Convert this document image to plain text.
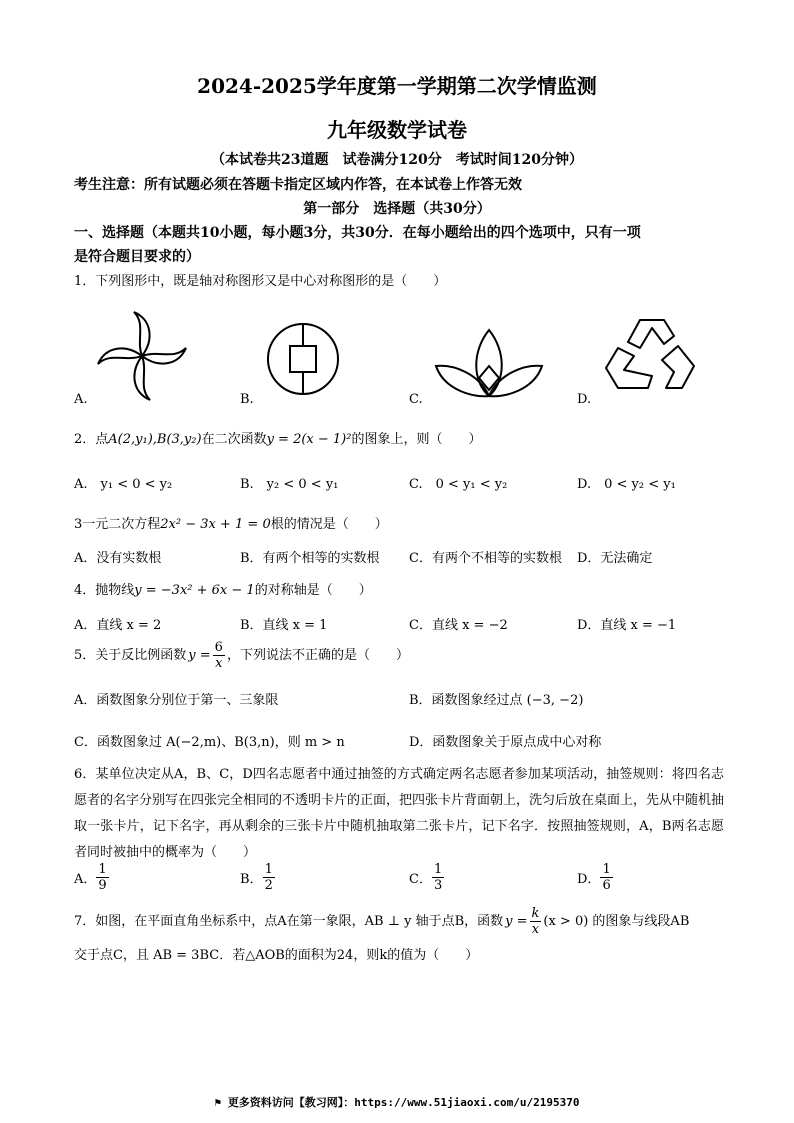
2024-2025学年度第一学期第二次学情监测
九年级数学试卷
（本试卷共23道题　试卷满分120分　考试时间120分钟）
考生注意：所有试题必须在答题卡指定区域内作答，在本试卷上作答无效
第一部分　选择题（共30分）
一、选择题（本题共10小题，每小题3分，共30分．在每小题给出的四个选项中，只有一项
是符合题目要求的）
1．下列图形中，既是轴对称图形又是中心对称图形的是（　　）
A.	B.	C.	D.
2．点A(2,y₁),B(3,y₂)在二次函数y = 2(x − 1)²的图象上，则（　　）
A.　y₁ < 0 < y₂	B.　y₂ < 0 < y₁	C.　0 < y₁ < y₂	D.　0 < y₂ < y₁
3一元二次方程2x² − 3x + 1 = 0根的情况是（　　）
A．没有实数根	B．有两个相等的实数根 C．有两个不相等的实数根 D．无法确定
4．抛物线y = −3x² + 6x − 1的对称轴是（　　）
A．直线 x = 2	B．直线 x = 1	C．直线 x = −2	D．直线 x = −1
5．关于反比例函数 $y = \frac{6}{x}$ ，下列说法不正确的是（　　）
A．函数图象分别位于第一、三象限	B．函数图象经过点 (−3, −2)
C．函数图象过 A(−2,m)、B(3,n)，则 m > n	D．函数图象关于原点成中心对称
6．某单位决定从A，B、C，D四名志愿者中通过抽签的方式确定两名志愿者参加某项活动，抽签规则：将四名志愿者的名字分别写在四张完全相同的不透明卡片的正面，把四张卡片背面朝上，洗匀后放在桌面上，先从中随机抽取一张卡片，记下名字，再从剩余的三张卡片中随机抽取第二张卡片，记下名字．按照抽签规则，A，B两名志愿者同时被抽中的概率为（　　）
A． $\frac{1}{9}$	B． $\frac{1}{2}$	C． $\frac{1}{3}$	D． $\frac{1}{6}$
7．如图，在平面直角坐标系中，点A在第一象限，AB ⊥ y 轴于点B，函数 $y = \frac{k}{x} (x > 0)$ 的图象与线段AB
交于点C，且 AB = 3BC．若△AOB的面积为24，则k的值为（　　）
⚑ 更多资料访问【教习网】：https://www.51jiaoxi.com/u/2195370
